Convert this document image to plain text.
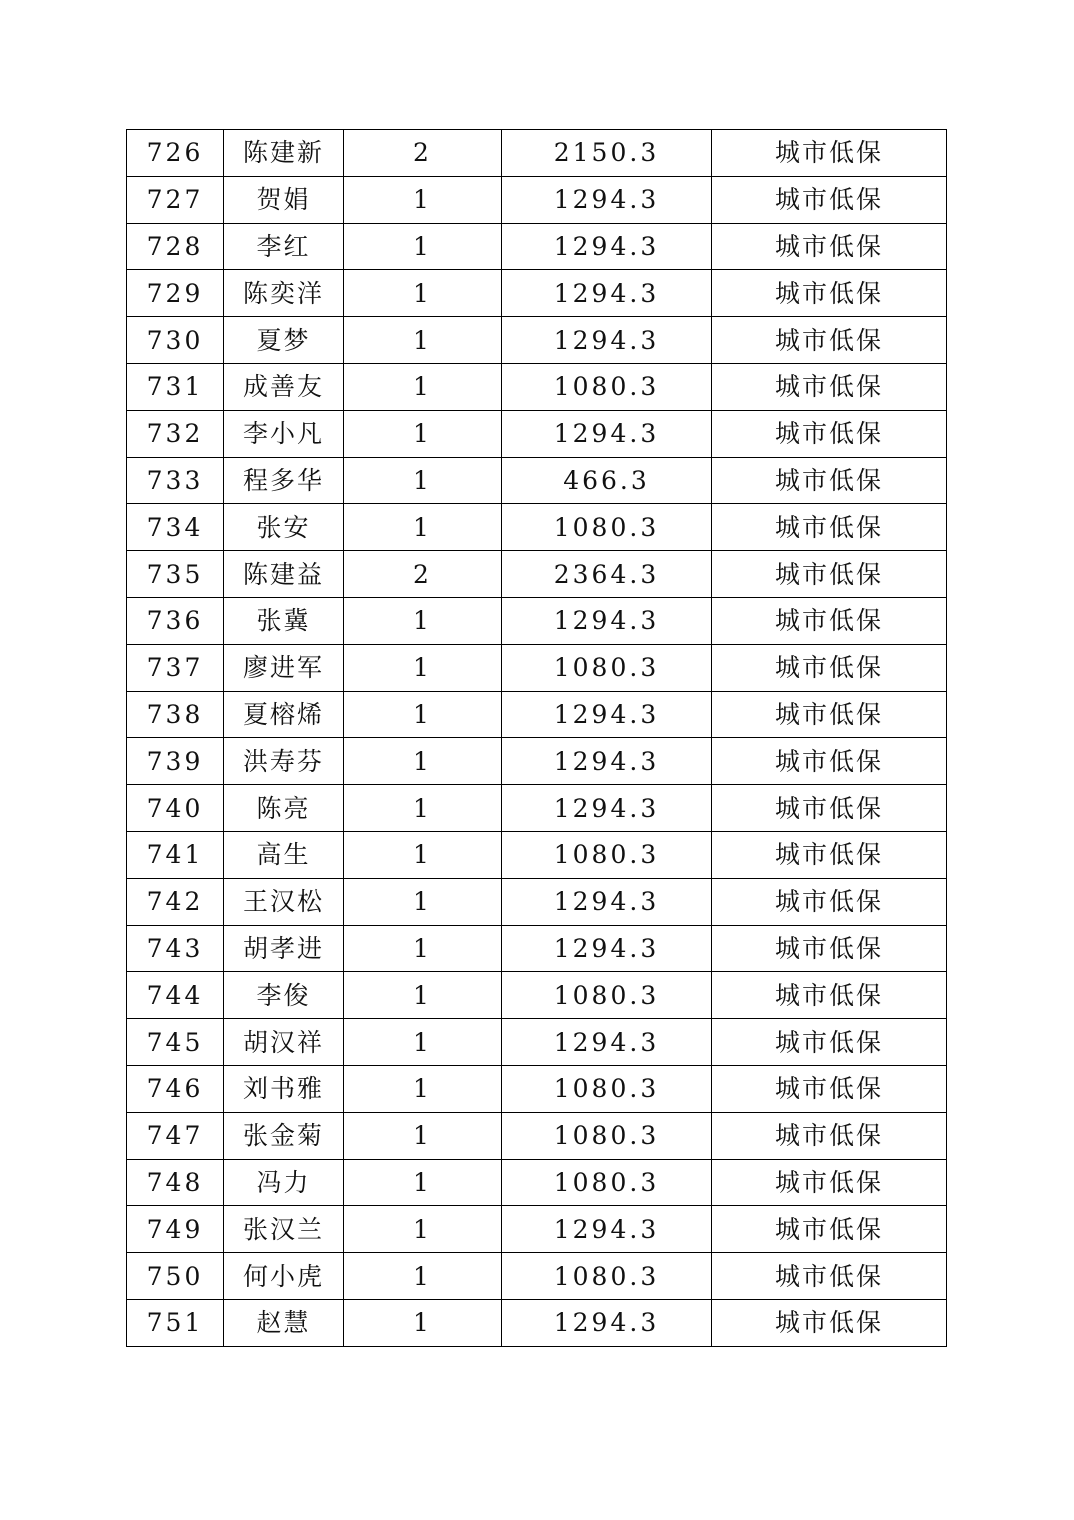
726	陈建新	2	2150.3	城市低保
727	贺娟	1	1294.3	城市低保
728	李红	1	1294.3	城市低保
729	陈奕洋	1	1294.3	城市低保
730	夏梦	1	1294.3	城市低保
731	成善友	1	1080.3	城市低保
732	李小凡	1	1294.3	城市低保
733	程多华	1	466.3	城市低保
734	张安	1	1080.3	城市低保
735	陈建益	2	2364.3	城市低保
736	张冀	1	1294.3	城市低保
737	廖进军	1	1080.3	城市低保
738	夏榕烯	1	1294.3	城市低保
739	洪寿芬	1	1294.3	城市低保
740	陈亮	1	1294.3	城市低保
741	高生	1	1080.3	城市低保
742	王汉松	1	1294.3	城市低保
743	胡孝进	1	1294.3	城市低保
744	李俊	1	1080.3	城市低保
745	胡汉祥	1	1294.3	城市低保
746	刘书雅	1	1080.3	城市低保
747	张金菊	1	1080.3	城市低保
748	冯力	1	1080.3	城市低保
749	张汉兰	1	1294.3	城市低保
750	何小虎	1	1080.3	城市低保
751	赵慧	1	1294.3	城市低保
